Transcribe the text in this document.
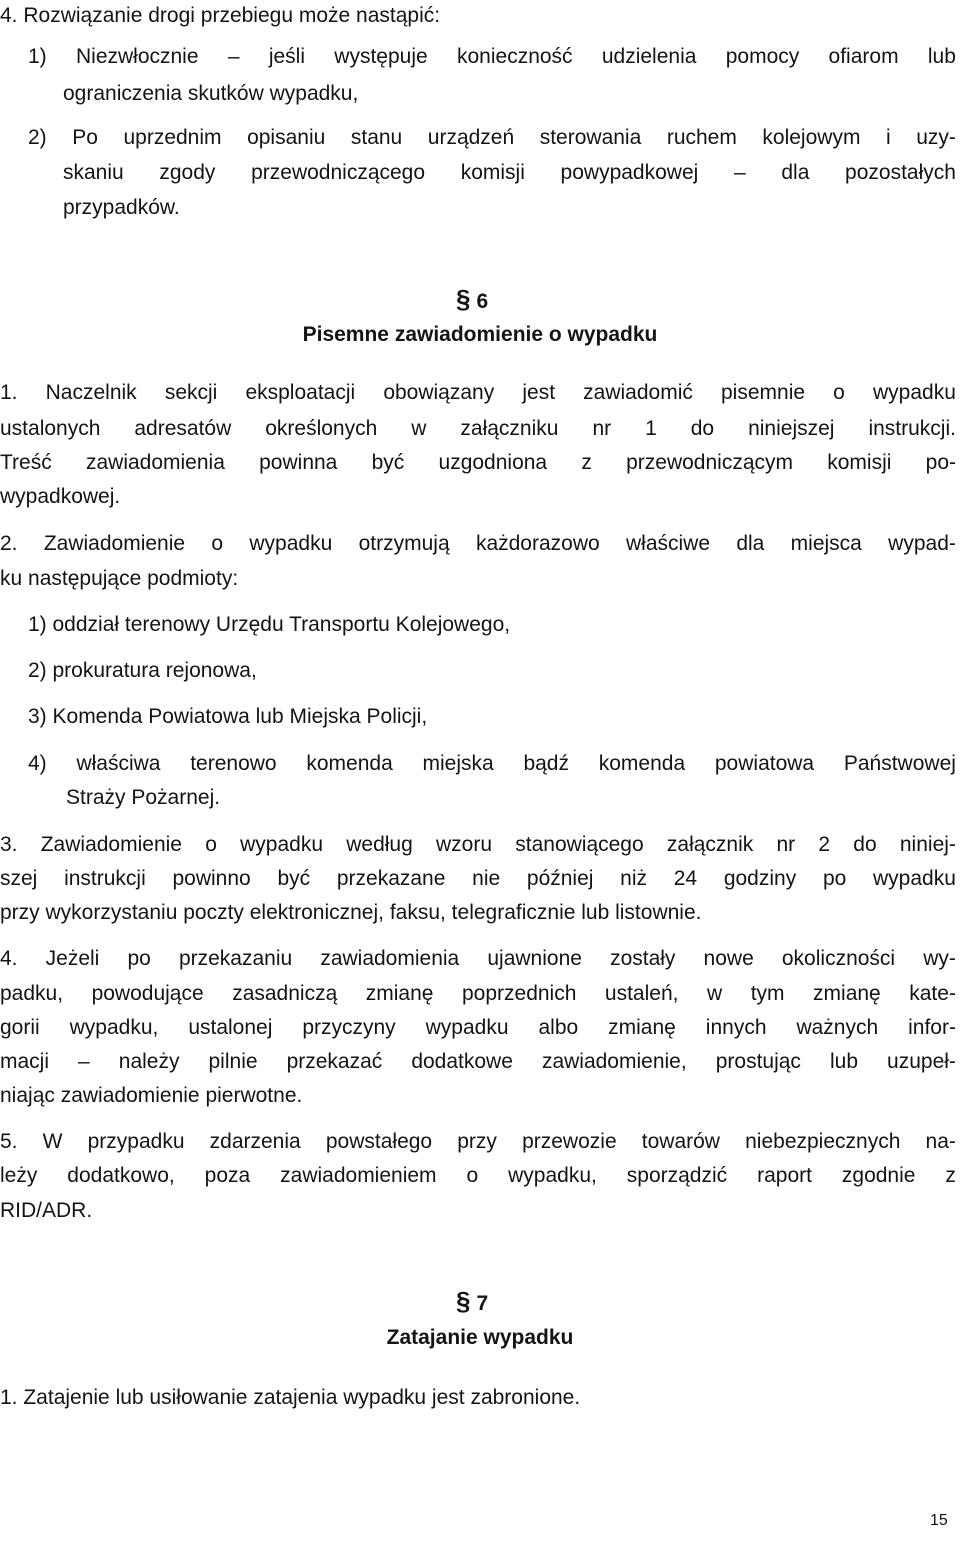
4. Rozwiązanie drogi przebiegu może nastąpić:
1) Niezwłocznie – jeśli występuje konieczność udzielenia pomocy ofiarom lub
ograniczenia skutków wypadku,
2) Po uprzednim opisaniu stanu urządzeń sterowania ruchem kolejowym i uzy-
skaniu zgody przewodniczącego komisji powypadkowej – dla pozostałych
przypadków.
§ 6
Pisemne zawiadomienie o wypadku
1. Naczelnik sekcji eksploatacji obowiązany jest zawiadomić pisemnie o wypadku
ustalonych adresatów określonych w załączniku nr 1 do niniejszej instrukcji.
Treść zawiadomienia powinna być uzgodniona z przewodniczącym komisji po-
wypadkowej.
2. Zawiadomienie o wypadku otrzymują każdorazowo właściwe dla miejsca wypad-
ku następujące podmioty:
1) oddział terenowy Urzędu Transportu Kolejowego,
2) prokuratura rejonowa,
3) Komenda Powiatowa lub Miejska Policji,
4) właściwa terenowo komenda miejska bądź komenda powiatowa Państwowej
Straży Pożarnej.
3. Zawiadomienie o wypadku według wzoru stanowiącego załącznik nr 2 do niniej-
szej instrukcji powinno być przekazane nie później niż 24 godziny po wypadku
przy wykorzystaniu poczty elektronicznej, faksu, telegraficznie lub listownie.
4. Jeżeli po przekazaniu zawiadomienia ujawnione zostały nowe okoliczności wy-
padku, powodujące zasadniczą zmianę poprzednich ustaleń, w tym zmianę kate-
gorii wypadku, ustalonej przyczyny wypadku albo zmianę innych ważnych infor-
macji – należy pilnie przekazać dodatkowe zawiadomienie, prostując lub uzupeł-
niając zawiadomienie pierwotne.
5. W przypadku zdarzenia powstałego przy przewozie towarów niebezpiecznych na-
leży dodatkowo, poza zawiadomieniem o wypadku, sporządzić raport zgodnie z
RID/ADR.
§ 7
Zatajanie wypadku
1. Zatajenie lub usiłowanie zatajenia wypadku jest zabronione.
15
